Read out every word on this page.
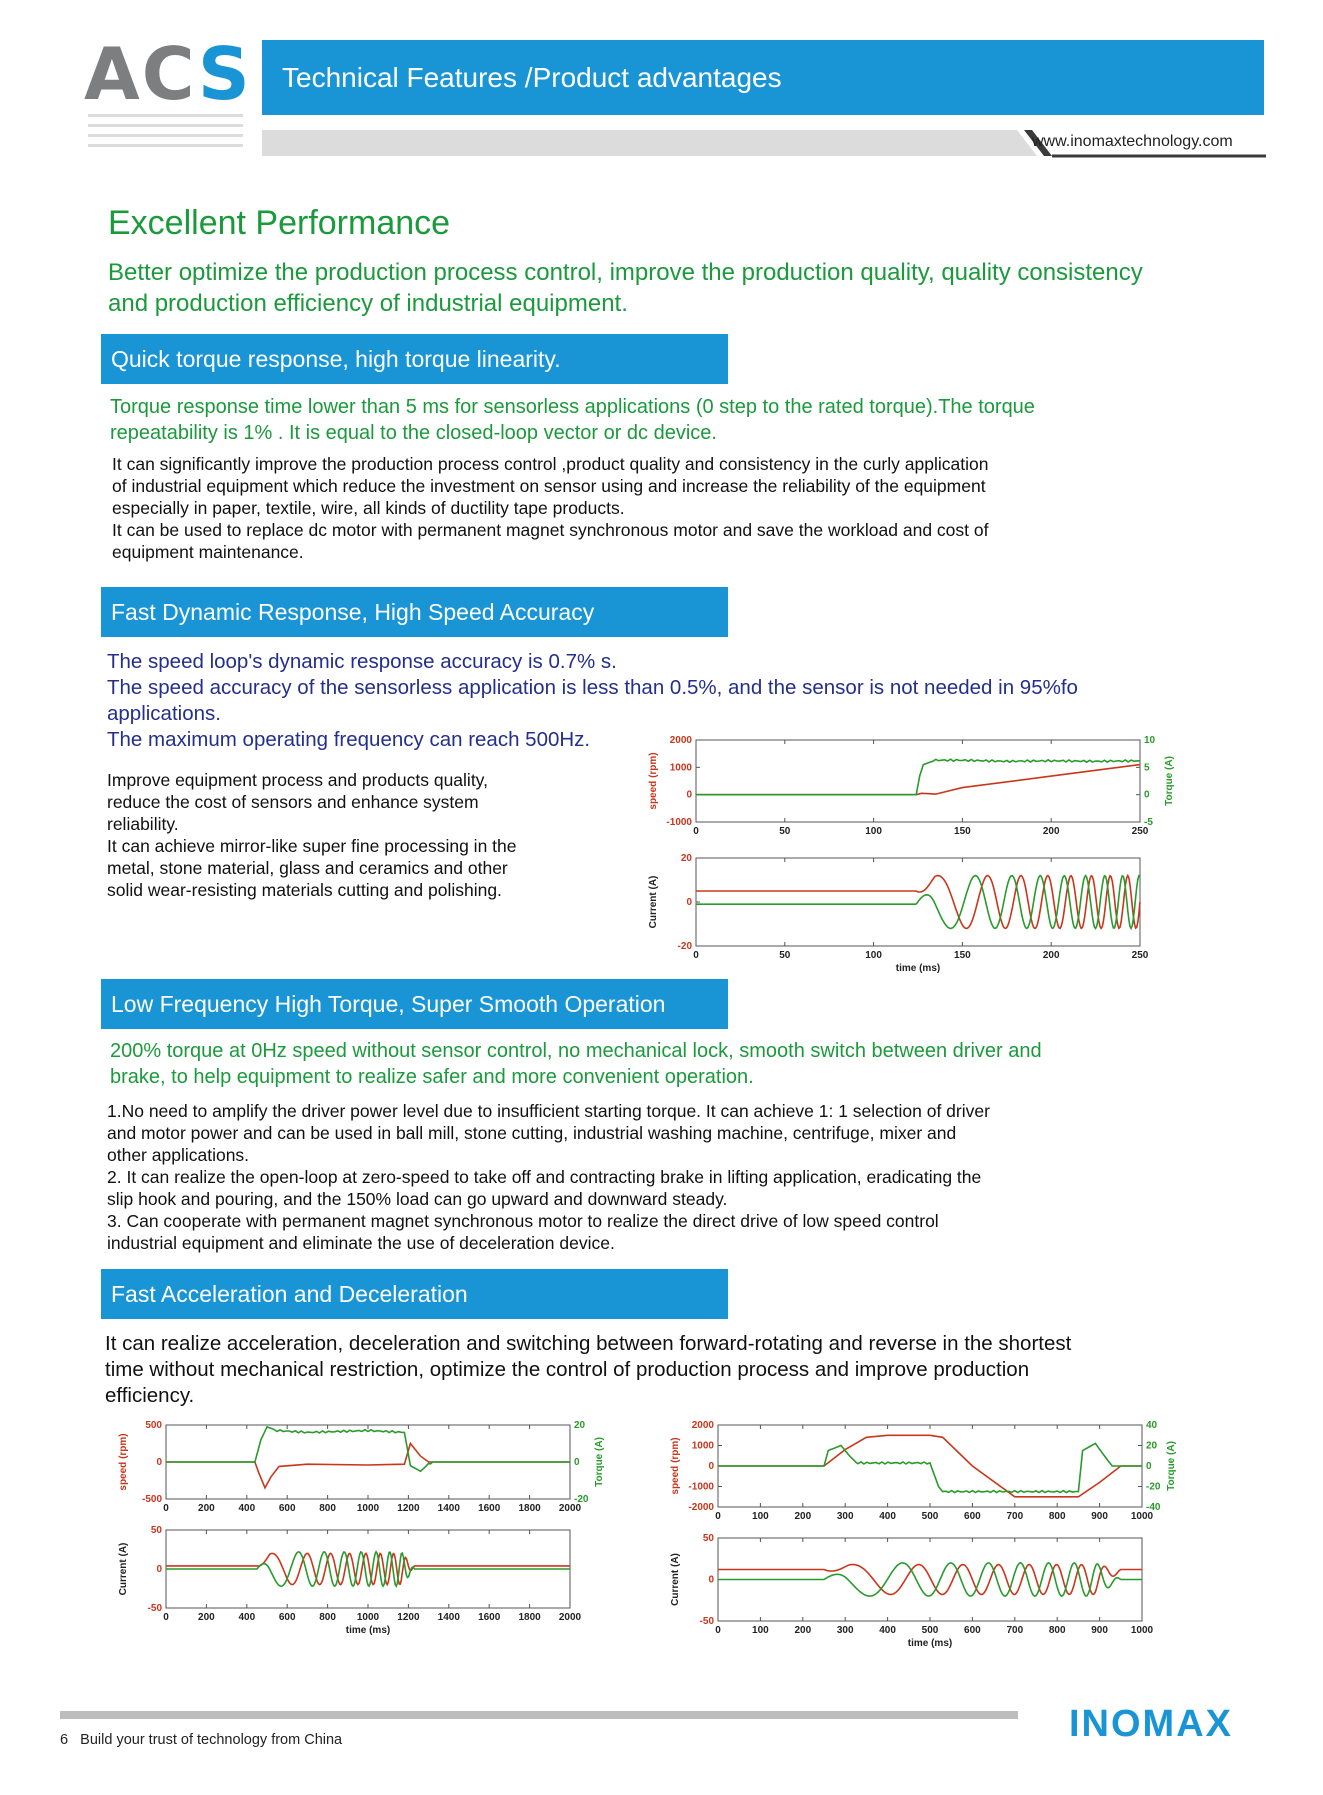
ACS Technical Features /Product advantages
www.inomaxtechnology.com
Excellent Performance
Better optimize the production process control, improve the production quality, quality consistency and production efficiency of industrial equipment.
Quick torque response, high torque linearity.
Torque response time lower than 5 ms for sensorless applications (0 step to the rated torque).The torque
repeatability is 1% . It is equal to the closed-loop vector or dc device.
It can significantly improve the production process control ,product quality and consistency in the curly application
of industrial equipment which reduce the investment on sensor using and increase the reliability of the equipment
especially in paper, textile, wire, all kinds of ductility tape products.
It can be used to replace dc motor with permanent magnet synchronous motor and save the workload and cost of
equipment maintenance.
Fast Dynamic Response, High Speed Accuracy
The speed loop's dynamic response accuracy is 0.7% s.
The speed accuracy of the sensorless application is less than 0.5%, and the sensor is not needed in 95%fo
applications.
The maximum operating frequency can reach 500Hz.
Improve equipment process and products quality,
reduce the cost of sensors and enhance system
reliability.
It can achieve mirror-like super fine processing in the
metal, stone material, glass and ceramics and other
solid wear-resisting materials cutting and polishing.
Low Frequency High Torque, Super Smooth Operation
200% torque at 0Hz speed without sensor control, no mechanical lock, smooth switch between driver and
brake, to help equipment to realize safer and more convenient operation.
1.No need to amplify the driver power level due to insufficient starting torque. It can achieve 1: 1 selection of driver
and motor power and can be used in ball mill, stone cutting, industrial washing machine, centrifuge, mixer and
other applications.
2. It can realize the open-loop at zero-speed to take off and contracting brake in lifting application, eradicating the
slip hook and pouring, and the 150% load can go upward and downward steady.
3. Can cooperate with permanent magnet synchronous motor to realize the direct drive of low speed control
industrial equipment and eliminate the use of deceleration device.
Fast Acceleration and Deceleration
It can realize acceleration, deceleration and switching between forward-rotating and reverse in the shortest
time without mechanical restriction, optimize the control of production process and improve production
efficiency.
0	50	100	150	200	250
2000
1000
0
-1000
speed (rpm)
10
5
0
-5
Torque (A)
0	50	100	150	200	250
20
0
-20
Current (A)
time (ms)
0	200 400 600 800 1000 1200 1400 1600 1800 2000
500
0
-500
speed (rpm)
20
0
-20
Torque (A)
0	200 400 600 800 1000 1200 1400 1600 1800 2000
50
0
-50
Current (A)
time (ms)
0	100	200	300	400	500	600	700	800	900 1000
2000
1000
0
-1000
-2000
speed (rpm)
40
20
0
-20
-40
Torque (A)
0	100	200	300	400	500	600	700	800	900 1000
50
0
-50
Current (A)
time (ms)
6 Build your trust of technology from China	INOMAX
